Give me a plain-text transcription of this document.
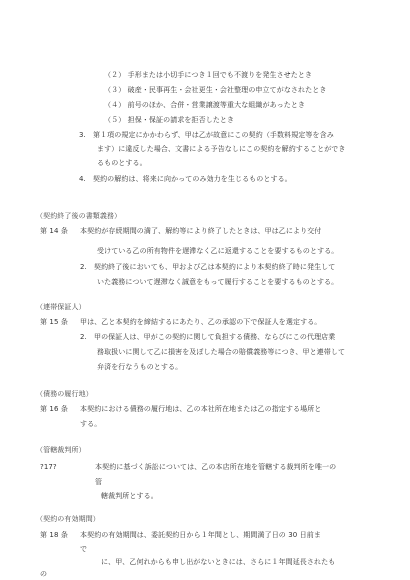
（２） 手形または小切手につき１回でも不渡りを発生させたとき
（３） 破産・民事再生・会社更生・会社整理の申立てがなされたとき
（４） 前号のほか、合併・営業譲渡等重大な組織があったとき
（５） 担保・保証の請求を拒否したとき
3.　第１項の規定にかかわらず、甲は乙が故意にこの契約（手数料規定等を含み
ます）に違反した場合、文書による予告なしにこの契約を解約することができ
るものとする。
4.　契約の解約は、将来に向かってのみ効力を生じるものとする。
（契約終了後の書類義務）
第 14 条 本契約が存続期間の満了、解約等により終了したときは、甲は乙により交付
受けている乙の所有物件を遅滞なく乙に返還することを要するものとする。
2.　契約終了後においても、甲および乙は本契約により本契約終了時に発生して
いた義務について遅滞なく誠意をもって履行することを要するものとする。
（連帯保証人）
第 15 条 甲は、乙と本契約を締結するにあたり、乙の承認の下で保証人を選定する。
2.　甲の保証人は、甲がこの契約に関して負担する債務、ならびにこの代理店業
務取扱いに関して乙に損害を及ぼした場合の賠償義務等につき、甲と連帯して
弁済を行なうものとする。
（債務の履行地）
第 16 条 本契約における債務の履行地は、乙の本社所在地または乙の指定する場所と
する。
（管轄裁判所）
?17?	本契約に基づく訴訟については、乙の本店所在地を管轄する裁判所を唯一の
管
轄裁判所とする。
（契約の有効期間）
第 18 条 本契約の有効期間は、委託契約日から１年間とし、期間満了日の 30 日前ま
で
に、甲、乙何れからも申し出がないときには、さらに１年間延長されたも
の
